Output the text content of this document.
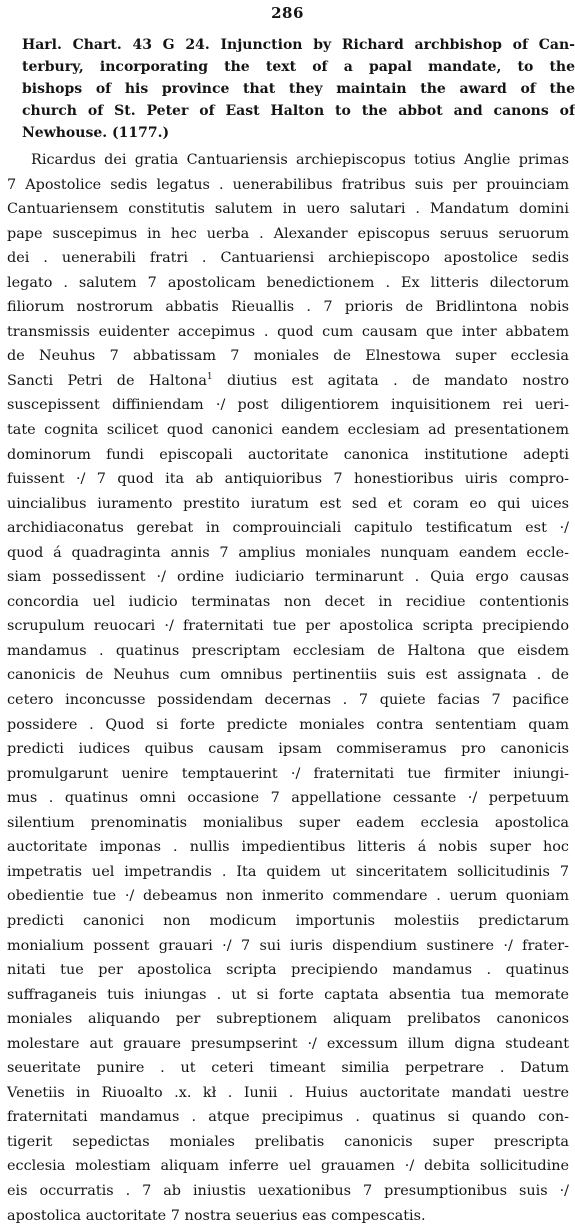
286
Harl. Chart. 43 G 24. Injunction by Richard archbishop of Can-
terbury, incorporating the text of a papal mandate, to the
bishops of his province that they maintain the award of the
church of St. Peter of East Halton to the abbot and canons of
Newhouse. (1177.)
Ricardus dei gratia Cantuariensis archiepiscopus totius Anglie primas
7 Apostolice sedis legatus . uenerabilibus fratribus suis per prouinciam
Cantuariensem constitutis salutem in uero salutari . Mandatum domini
pape suscepimus in hec uerba . Alexander episcopus seruus seruorum
dei . uenerabili fratri . Cantuariensi archiepiscopo apostolice sedis
legato . salutem 7 apostolicam benedictionem . Ex litteris dilectorum
filiorum nostrorum abbatis Rieuallis . 7 prioris de Bridlintona nobis
transmissis euidenter accepimus . quod cum causam que inter abbatem
de Neuhus 7 abbatissam 7 moniales de Elnestowa super ecclesia
Sancti Petri de Haltona$^1$ diutius est agitata . de mandato nostro
suscepissent diffiniendam ·/ post diligentiorem inquisitionem rei ueri-
tate cognita scilicet quod canonici eandem ecclesiam ad presentationem
dominorum fundi episcopali auctoritate canonica institutione adepti
fuissent ·/ 7 quod ita ab antiquioribus 7 honestioribus uiris compro-
uincialibus iuramento prestito iuratum est sed et coram eo qui uices
archidiaconatus gerebat in comprouinciali capitulo testificatum est ·/
quod á quadraginta annis 7 amplius moniales nunquam eandem eccle-
siam possedissent ·/ ordine iudiciario terminarunt . Quia ergo causas
concordia uel iudicio terminatas non decet in recidiue contentionis
scrupulum reuocari ·/ fraternitati tue per apostolica scripta precipiendo
mandamus . quatinus prescriptam ecclesiam de Haltona que eisdem
canonicis de Neuhus cum omnibus pertinentiis suis est assignata . de
cetero inconcusse possidendam decernas . 7 quiete facias 7 pacifice
possidere . Quod si forte predicte moniales contra sententiam quam
predicti iudices quibus causam ipsam commiseramus pro canonicis
promulgarunt uenire temptauerint ·/ fraternitati tue firmiter iniungi-
mus . quatinus omni occasione 7 appellatione cessante ·/ perpetuum
silentium prenominatis monialibus super eadem ecclesia apostolica
auctoritate imponas . nullis impedientibus litteris á nobis super hoc
impetratis uel impetrandis . Ita quidem ut sinceritatem sollicitudinis 7
obedientie tue ·/ debeamus non inmerito commendare . uerum quoniam
predicti canonici non modicum importunis molestiis predictarum
monialium possent grauari ·/ 7 sui iuris dispendium sustinere ·/ frater-
nitati tue per apostolica scripta precipiendo mandamus . quatinus
suffraganeis tuis iniungas . ut si forte captata absentia tua memorate
moniales aliquando per subreptionem aliquam prelibatos canonicos
molestare aut grauare presumpserint ·/ excessum illum digna studeant
seueritate punire . ut ceteri timeant similia perpetrare . Datum
Venetiis in Riuoalto .x. kł . Iunii . Huius auctoritate mandati uestre
fraternitati mandamus . atque precipimus . quatinus si quando con-
tigerit sepedictas moniales prelibatis canonicis super prescripta
ecclesia molestiam aliquam inferre uel grauamen ·/ debita sollicitudine
eis occurratis . 7 ab iniustis uexationibus 7 presumptionibus suis ·/
apostolica auctoritate 7 nostra seuerius eas compescatis.
